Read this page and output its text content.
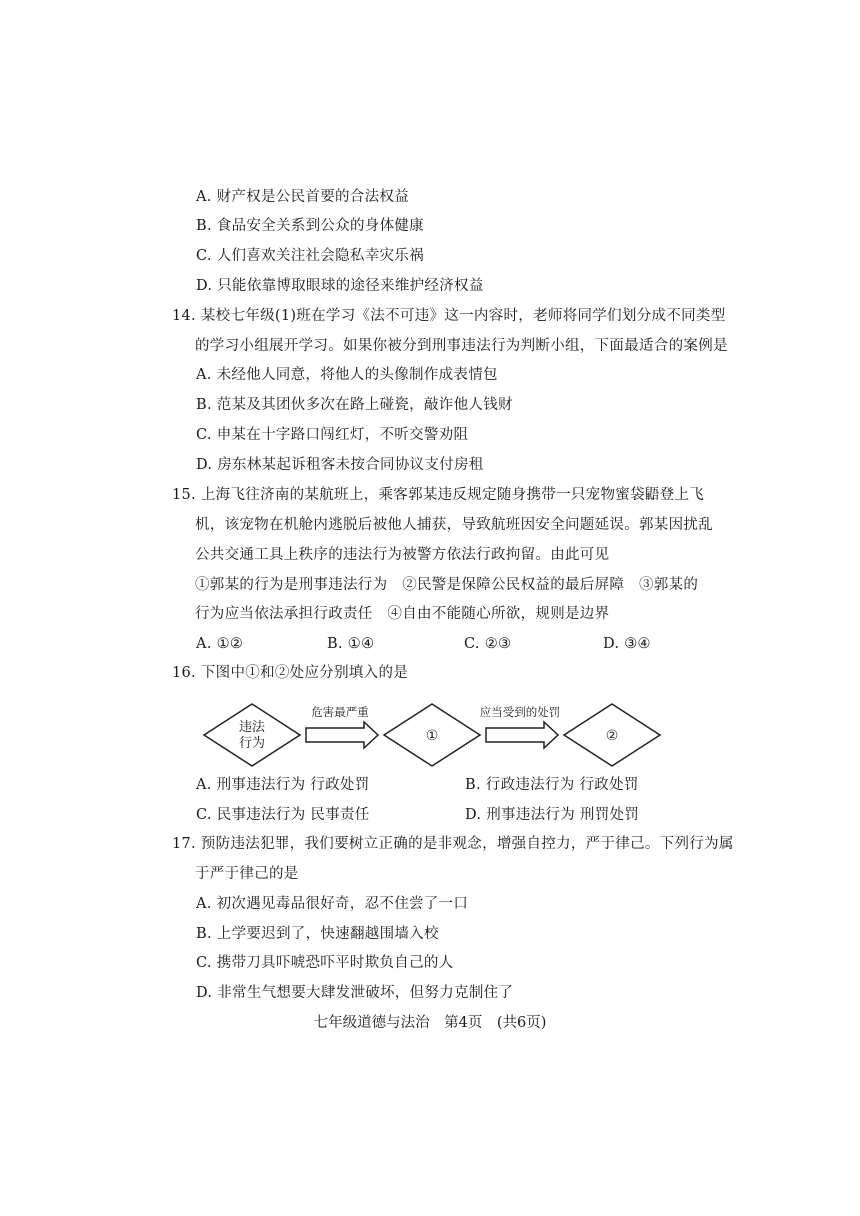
A. 财产权是公民首要的合法权益
B. 食品安全关系到公众的身体健康
C. 人们喜欢关注社会隐私幸灾乐祸
D. 只能依靠博取眼球的途径来维护经济权益
14. 某校七年级(1)班在学习《法不可违》这一内容时，老师将同学们划分成不同类型
的学习小组展开学习。如果你被分到刑事违法行为判断小组，下面最适合的案例是
A. 未经他人同意，将他人的头像制作成表情包
B. 范某及其团伙多次在路上碰瓷，敲诈他人钱财
C. 申某在十字路口闯红灯，不听交警劝阻
D. 房东林某起诉租客未按合同协议支付房租
15. 上海飞往济南的某航班上，乘客郭某违反规定随身携带一只宠物蜜袋鼯登上飞
机，该宠物在机舱内逃脱后被他人捕获，导致航班因安全问题延误。郭某因扰乱
公共交通工具上秩序的违法行为被警方依法行政拘留。由此可见
①郭某的行为是刑事违法行为　②民警是保障公民权益的最后屏障　③郭某的
行为应当依法承担行政责任　④自由不能随心所欲，规则是边界
A. ①②	B. ①④	C. ②③	D. ③④
16. 下图中①和②处应分别填入的是
违法
行为
危害最严重
①
应当受到的处罚
②
A. 刑事违法行为 行政处罚	B. 行政违法行为 行政处罚
C. 民事违法行为 民事责任	D. 刑事违法行为 刑罚处罚
17. 预防违法犯罪，我们要树立正确的是非观念，增强自控力，严于律己。下列行为属
于严于律己的是
A. 初次遇见毒品很好奇，忍不住尝了一口
B. 上学要迟到了，快速翻越围墙入校
C. 携带刀具吓唬恐吓平时欺负自己的人
D. 非常生气想要大肆发泄破坏，但努力克制住了
七年级道德与法治　第4页　(共6页)
